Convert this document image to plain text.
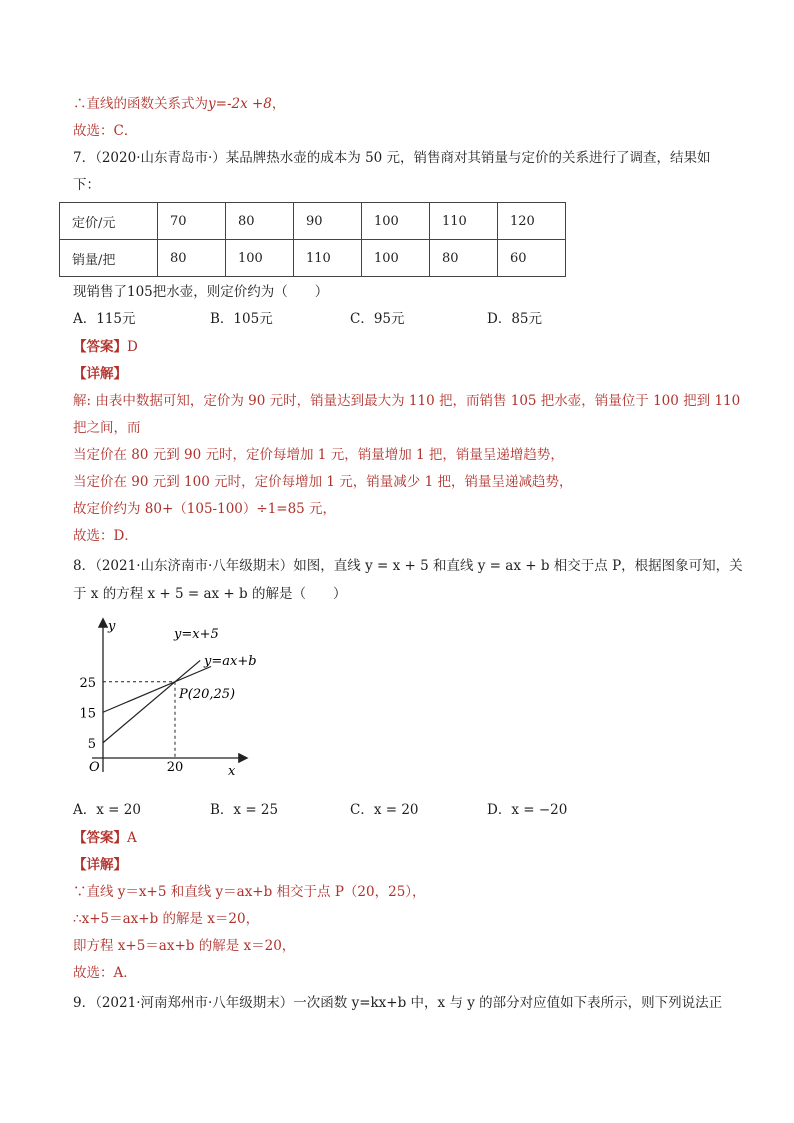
∴直线的函数关系式为y=-2x +8，
故选：C．
7．（2020·山东青岛市·）某品牌热水壶的成本为 50 元，销售商对其销量与定价的关系进行了调查，结果如
下：
定价/元	70	80	90	100	110	120
销量/把	80	100	110	100	80	60
现销售了105把水壶，则定价约为（　　）
A．115元	B．105元	C．95元	D．85元
【答案】D
【详解】
解: 由表中数据可知，定价为 90 元时，销量达到最大为 110 把，而销售 105 把水壶，销量位于 100 把到 110
把之间，而
当定价在 80 元到 90 元时，定价每增加 1 元，销量增加 1 把，销量呈递增趋势，
当定价在 90 元到 100 元时，定价每增加 1 元，销量减少 1 把，销量呈递减趋势，
故定价约为 80+（105-100）÷1=85 元，
故选：D．
8．（2021·山东济南市·八年级期末）如图，直线 y = x + 5 和直线 y = ax + b 相交于点 P，根据图象可知，关
于 x 的方程 x + 5 = ax + b 的解是（　　）
y=x+5
y=ax+b
P(20,25)
25
15
5
20
y
x
O
A．x = 20	B．x = 25	C．x = 20	D．x = −20
【答案】A
【详解】
∵直线 y＝x+5 和直线 y＝ax+b 相交于点 P（20，25），
∴x+5＝ax+b 的解是 x＝20，
即方程 x+5＝ax+b 的解是 x＝20，
故选：A．
9．（2021·河南郑州市·八年级期末）一次函数 y=kx+b 中，x 与 y 的部分对应值如下表所示，则下列说法正
